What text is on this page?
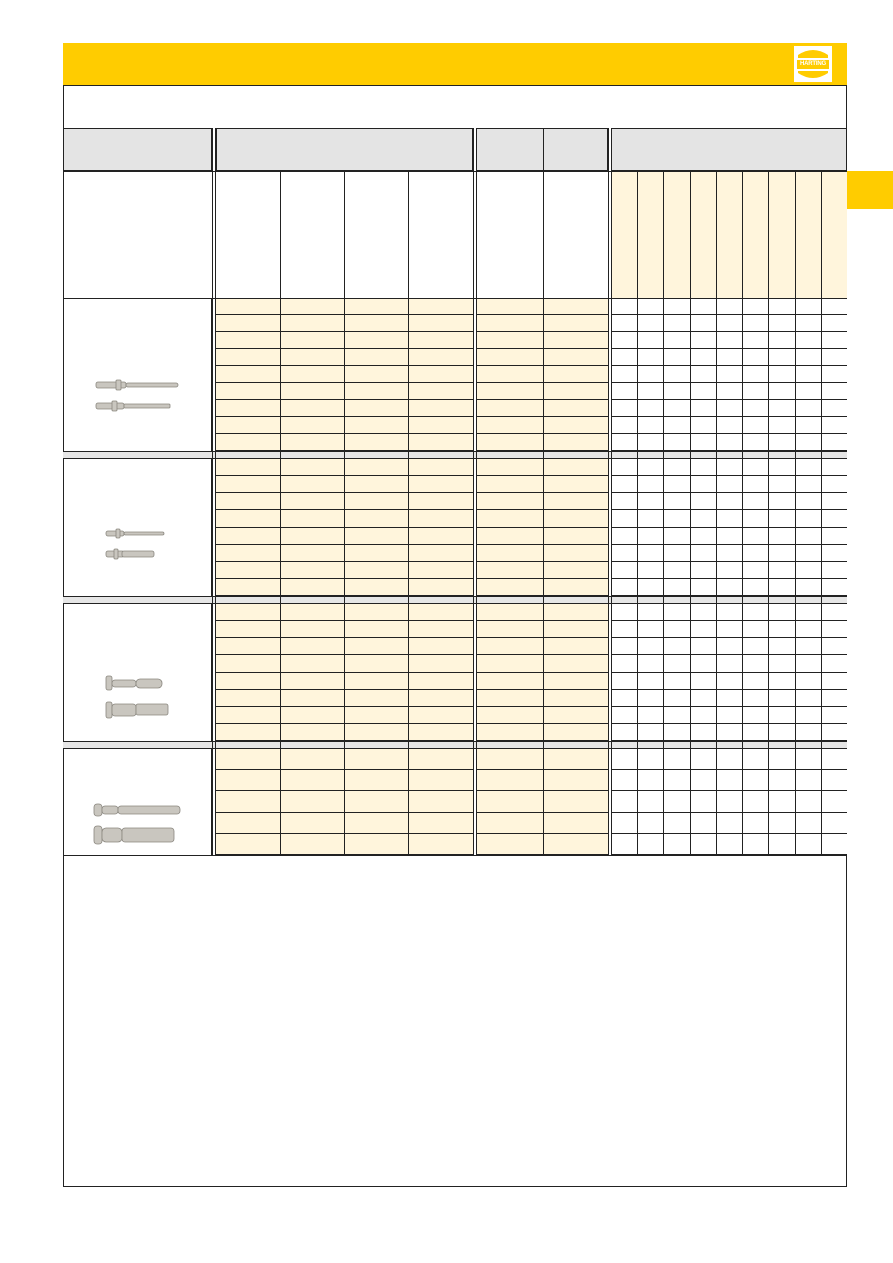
HARTING
